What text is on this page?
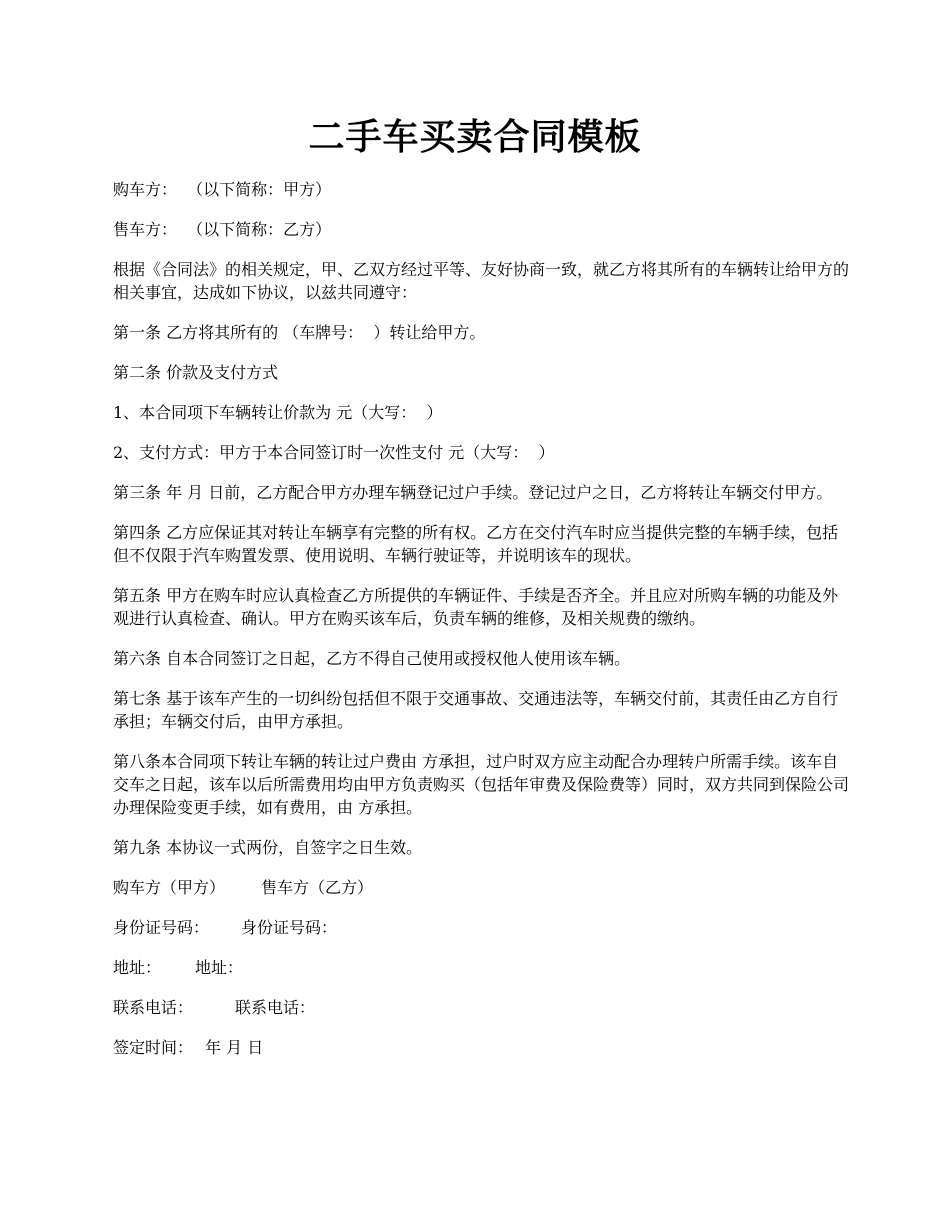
二手车买卖合同模板

购车方：  （以下简称：甲方）

售车方：  （以下简称：乙方）

根据《合同法》的相关规定，甲、乙双方经过平等、友好协商一致，就乙方将其所有的车辆转让给甲方的相关事宜，达成如下协议，以兹共同遵守：

第一条 乙方将其所有的 （车牌号：  ）转让给甲方。

第二条 价款及支付方式

1、本合同项下车辆转让价款为 元（大写：  ）

2、支付方式：甲方于本合同签订时一次性支付 元（大写：  ）

第三条 年 月 日前，乙方配合甲方办理车辆登记过户手续。登记过户之日，乙方将转让车辆交付甲方。

第四条 乙方应保证其对转让车辆享有完整的所有权。乙方在交付汽车时应当提供完整的车辆手续，包括但不仅限于汽车购置发票、使用说明、车辆行驶证等，并说明该车的现状。

第五条 甲方在购车时应认真检查乙方所提供的车辆证件、手续是否齐全。并且应对所购车辆的功能及外观进行认真检查、确认。甲方在购买该车后，负责车辆的维修，及相关规费的缴纳。

第六条 自本合同签订之日起，乙方不得自己使用或授权他人使用该车辆。

第七条 基于该车产生的一切纠纷包括但不限于交通事故、交通违法等，车辆交付前，其责任由乙方自行承担；车辆交付后，由甲方承担。

第八条本合同项下转让车辆的转让过户费由 方承担，过户时双方应主动配合办理转户所需手续。该车自交车之日起，该车以后所需费用均由甲方负责购买（包括年审费及保险费等）同时，双方共同到保险公司办理保险变更手续，如有费用，由 方承担。

第九条 本协议一式两份，自签字之日生效。

购车方（甲方） 售车方（乙方）
身份证号码： 身份证号码：
地址： 地址：
联系电话：	联系电话：
签定时间： 年 月 日
